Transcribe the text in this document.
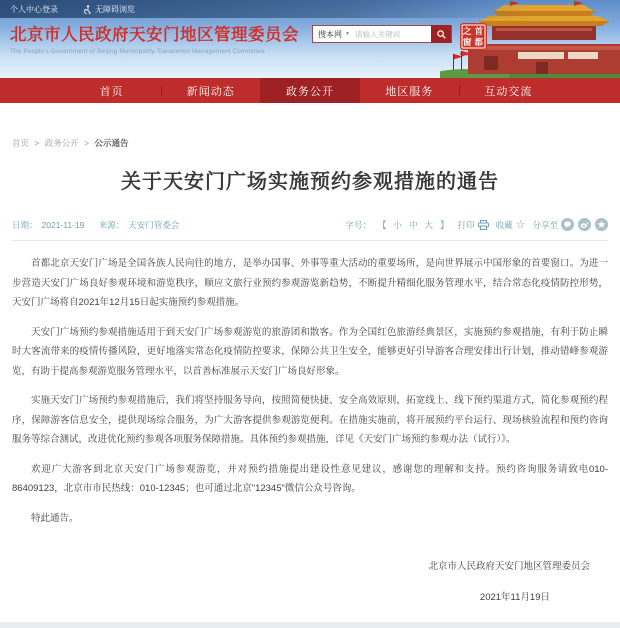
个人中心登录	无障碍浏览
北京市人民政府天安门地区管理委员会
The People's Government of Beijing Municipality-Tiananmen Management Committee
搜本网 ▼
请输入关键词	之 首
窗 都
Beijing China
首页	新闻动态	政务公开	地区服务	互动交流
首页 > 政务公开 > 公示通告
关于天安门广场实施预约参观措施的通告
日期： 2021-11-19 来源： 天安门管委会	字号： 【 小 中 大 】 打印 收藏 ☆ 分享至

首都北京天安门广场是全国各族人民向往的地方，是举办国事、外事等重大活动的重要场所，是向世界展示中国形象的首要窗口。为进一步营造天安门广场良好参观环境和游览秩序，顺应文旅行业预约参观游览新趋势，不断提升精细化服务管理水平，结合常态化疫情防控形势，天安门广场将自2021年12月15日起实施预约参观措施。

天安门广场预约参观措施适用于到天安门广场参观游览的旅游团和散客。作为全国红色旅游经典景区，实施预约参观措施，有利于防止瞬时大客流带来的疫情传播风险，更好地落实常态化疫情防控要求，保障公共卫生安全，能够更好引导游客合理安排出行计划，推动错峰参观游览，有助于提高参观游览服务管理水平，以首善标准展示天安门广场良好形象。

实施天安门广场预约参观措施后，我们将坚持服务导向，按照简便快捷、安全高效原则，拓宽线上、线下预约渠道方式，简化参观预约程序，保障游客信息安全，提供现场综合服务，为广大游客提供参观游览便利。在措施实施前，将开展预约平台运行、现场核验流程和预约咨询服务等综合测试，改进优化预约参观各项服务保障措施。具体预约参观措施，详见《天安门广场预约参观办法（试行）》。

欢迎广大游客到北京天安门广场参观游览，并对预约措施提出建设性意见建议，感谢您的理解和支持。预约咨询服务请致电010-86409123，北京市市民热线：010-12345；也可通过北京"12345"微信公众号咨询。

特此通告。

北京市人民政府天安门地区管理委员会
2021年11月19日
